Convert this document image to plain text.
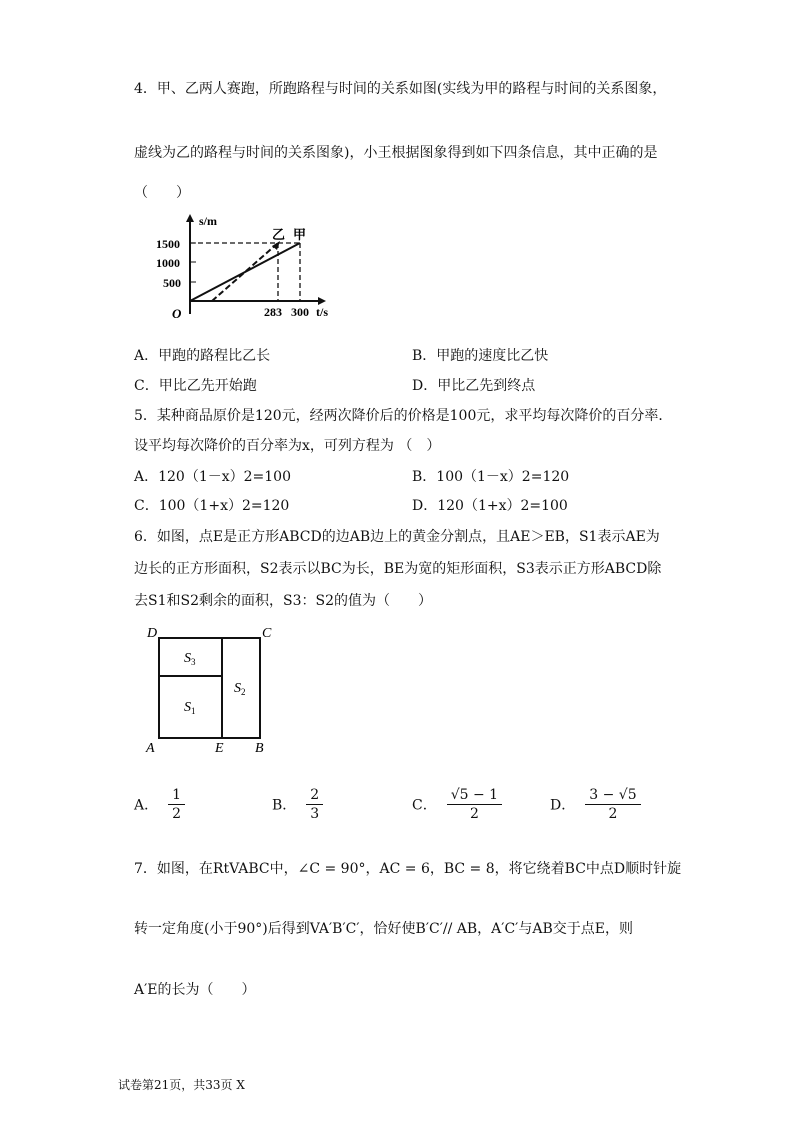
4．甲、乙两人赛跑，所跑路程与时间的关系如图(实线为甲的路程与时间的关系图象，
虚线为乙的路程与时间的关系图象)，小王根据图象得到如下四条信息，其中正确的是
（　　）
s/m
1500
1000
500
O	283 300 t/s
乙 甲
A．甲跑的路程比乙长	B．甲跑的速度比乙快
C．甲比乙先开始跑	D．甲比乙先到终点
5．某种商品原价是120元，经两次降价后的价格是100元，求平均每次降价的百分率．
设平均每次降价的百分率为x，可列方程为 （　）
A．120（1－x）2=100	B．100（1－x）2=120
C．100（1+x）2=120	D．120（1+x）2=100
6．如图，点E是正方形ABCD的边AB边上的黄金分割点，且AE＞EB，S1表示AE为
边长的正方形面积，S2表示以BC为长，BE为宽的矩形面积，S3表示正方形ABCD除
去S1和S2剩余的面积，S3：S2的值为（　　）
D	C
A	E B
$S_3$
$S_1$
$S_2$
A． $\frac{1}{2}$	B． $\frac{2}{3}$	C． $\frac{√5 - 1}{2}$	D． $\frac{3 - √5}{2}$
7．如图，在RtVABC中，∠C = 90°，AC = 6，BC = 8，将它绕着BC中点D顺时针旋
转一定角度(小于90°)后得到VA′B′C′，恰好使B′C′// AB，A′C′与AB交于点E，则
A′E的长为（　　）
试卷第21页，共33页 X
